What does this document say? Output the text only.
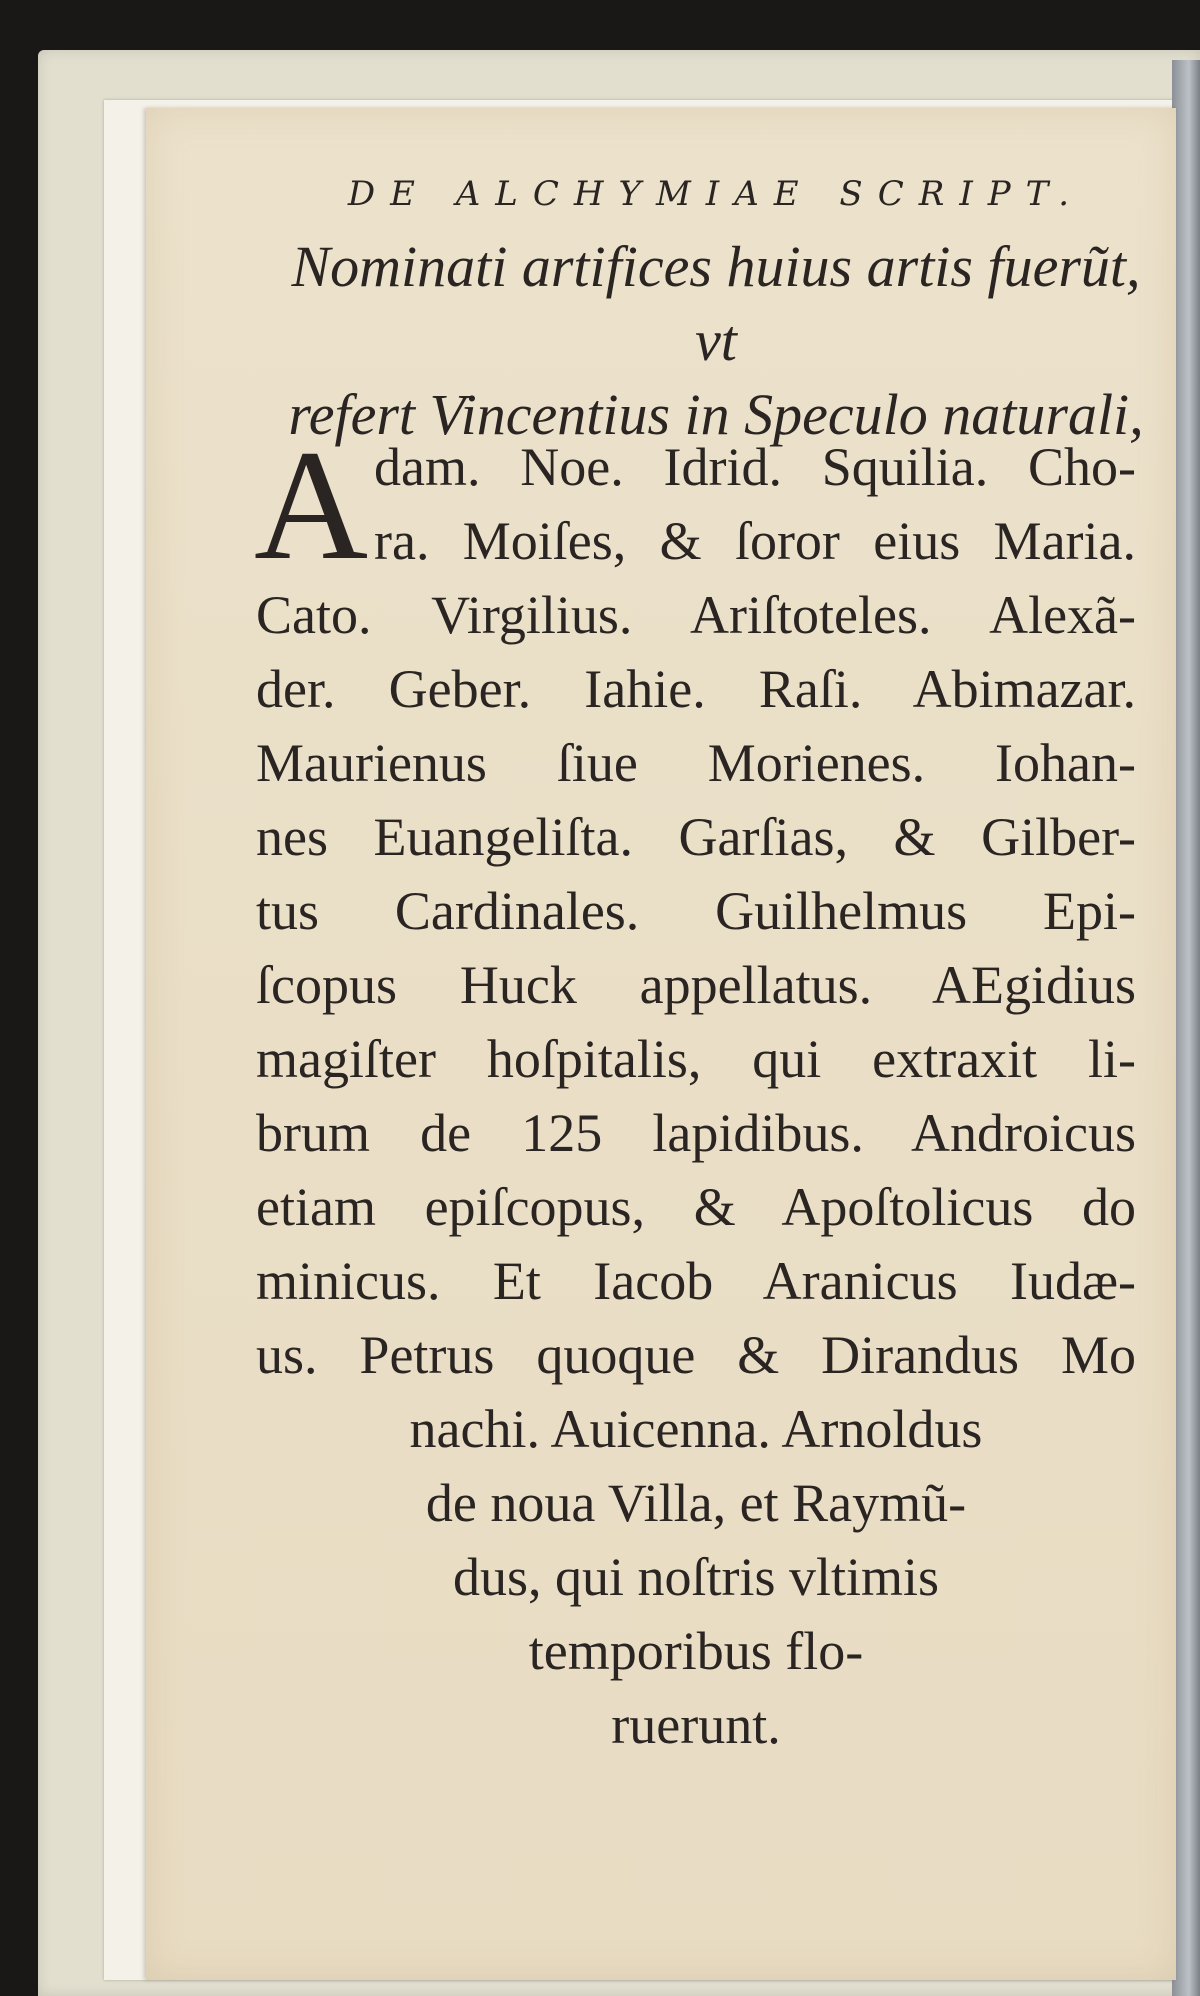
DE ALCHYMIAE SCRIPT.
Nominati artifices huius artis fuerũt, vt
refert Vincentius in Speculo naturali,
A dam. Noe. Idrid. Squilia. Cho-
ra. Moiſes, & ſoror eius Maria.
Cato. Virgilius. Ariſtoteles. Alexã-
der. Geber. Iahie. Raſi. Abimazar.
Maurienus ſiue Morienes. Iohan-
nes Euangeliſta. Garſias, & Gilber-
tus Cardinales. Guilhelmus Epi-
ſcopus Huck appellatus. AEgidius
magiſter hoſpitalis, qui extraxit li-
brum de 125 lapidibus. Androicus
etiam epiſcopus, & Apoſtolicus do
minicus. Et Iacob Aranicus Iudæ-
us. Petrus quoque & Dirandus Mo
nachi. Auicenna. Arnoldus
de noua Villa, et Raymũ-
dus, qui noſtris vltimis
temporibus flo-
ruerunt.
